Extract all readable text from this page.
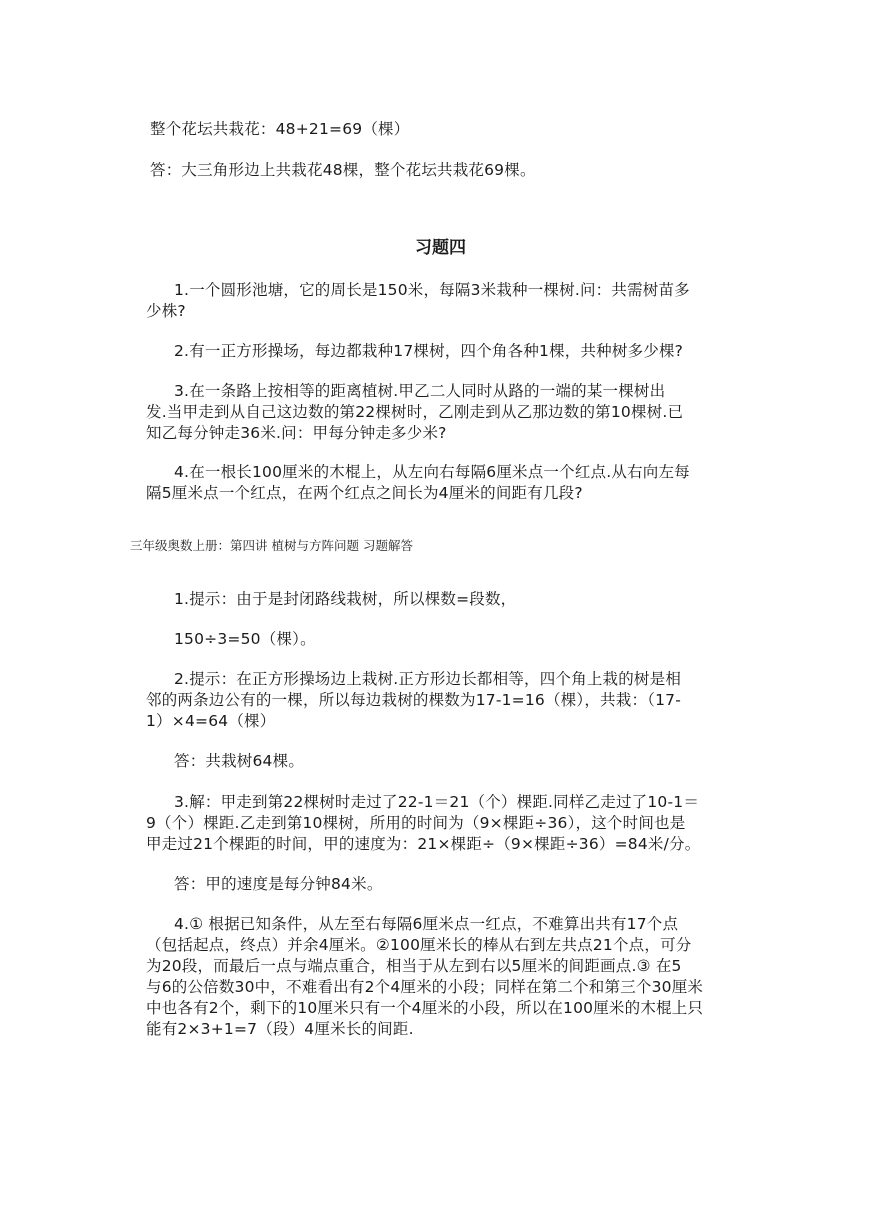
整个花坛共栽花：48+21=69（棵）
答：大三角形边上共栽花48棵，整个花坛共栽花69棵。
习题四
1.一个圆形池塘，它的周长是150米，每隔3米栽种一棵树.问：共需树苗多
少株?
2.有一正方形操场，每边都栽种17棵树，四个角各种1棵，共种树多少棵?
3.在一条路上按相等的距离植树.甲乙二人同时从路的一端的某一棵树出
发.当甲走到从自己这边数的第22棵树时，乙刚走到从乙那边数的第10棵树.已
知乙每分钟走36米.问：甲每分钟走多少米?
4.在一根长100厘米的木棍上，从左向右每隔6厘米点一个红点.从右向左每
隔5厘米点一个红点，在两个红点之间长为4厘米的间距有几段?
三年级奥数上册：第四讲 植树与方阵问题 习题解答
1.提示：由于是封闭路线栽树，所以棵数=段数，
150÷3=50（棵）。
2.提示：在正方形操场边上栽树.正方形边长都相等，四个角上栽的树是相
邻的两条边公有的一棵，所以每边栽树的棵数为17-1=16（棵），共栽：（17-
1）×4=64（棵）
答：共栽树64棵。
3.解：甲走到第22棵树时走过了22-1＝21（个）棵距.同样乙走过了10-1＝
9（个）棵距.乙走到第10棵树，所用的时间为（9×棵距÷36），这个时间也是
甲走过21个棵距的时间，甲的速度为：21×棵距÷（9×棵距÷36）=84米/分。
答：甲的速度是每分钟84米。
4.① 根据已知条件，从左至右每隔6厘米点一红点，不难算出共有17个点
（包括起点，终点）并余4厘米。②100厘米长的棒从右到左共点21个点，可分
为20段，而最后一点与端点重合，相当于从左到右以5厘米的间距画点.③ 在5
与6的公倍数30中，不难看出有2个4厘米的小段；同样在第二个和第三个30厘米
中也各有2个，剩下的10厘米只有一个4厘米的小段，所以在100厘米的木棍上只
能有2×3+1=7（段）4厘米长的间距.
